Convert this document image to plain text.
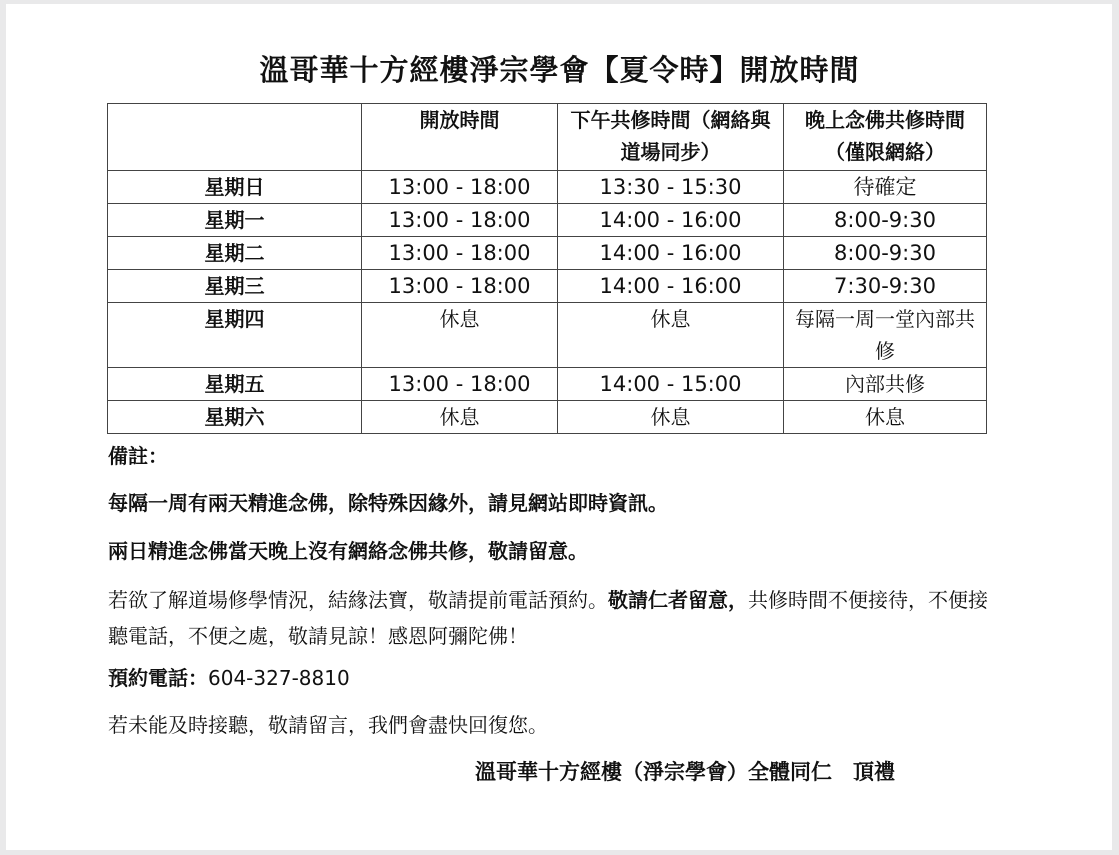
溫哥華十方經樓淨宗學會【夏令時】開放時間
	開放時間	下午共修時間（網絡與道場同步）	晚上念佛共修時間（僅限網絡）
星期日	13:00 - 18:00	13:30 - 15:30	待確定
星期一	13:00 - 18:00	14:00 - 16:00	8:00-9:30
星期二	13:00 - 18:00	14:00 - 16:00	8:00-9:30
星期三	13:00 - 18:00	14:00 - 16:00	7:30-9:30
星期四	休息	休息	每隔一周一堂內部共修
星期五	13:00 - 18:00	14:00 - 15:00	內部共修
星期六	休息	休息	休息

備註：

每隔一周有兩天精進念佛，除特殊因緣外，請見網站即時資訊。

兩日精進念佛當天晚上沒有網絡念佛共修，敬請留意。

若欲了解道場修學情況，結緣法寶，敬請提前電話預約。敬請仁者留意，共修時間不便接待，不便接聽電話，不便之處，敬請見諒！感恩阿彌陀佛！

預約電話：604-327-8810

若未能及時接聽，敬請留言，我們會盡快回復您。

溫哥華十方經樓（淨宗學會）全體同仁　頂禮
